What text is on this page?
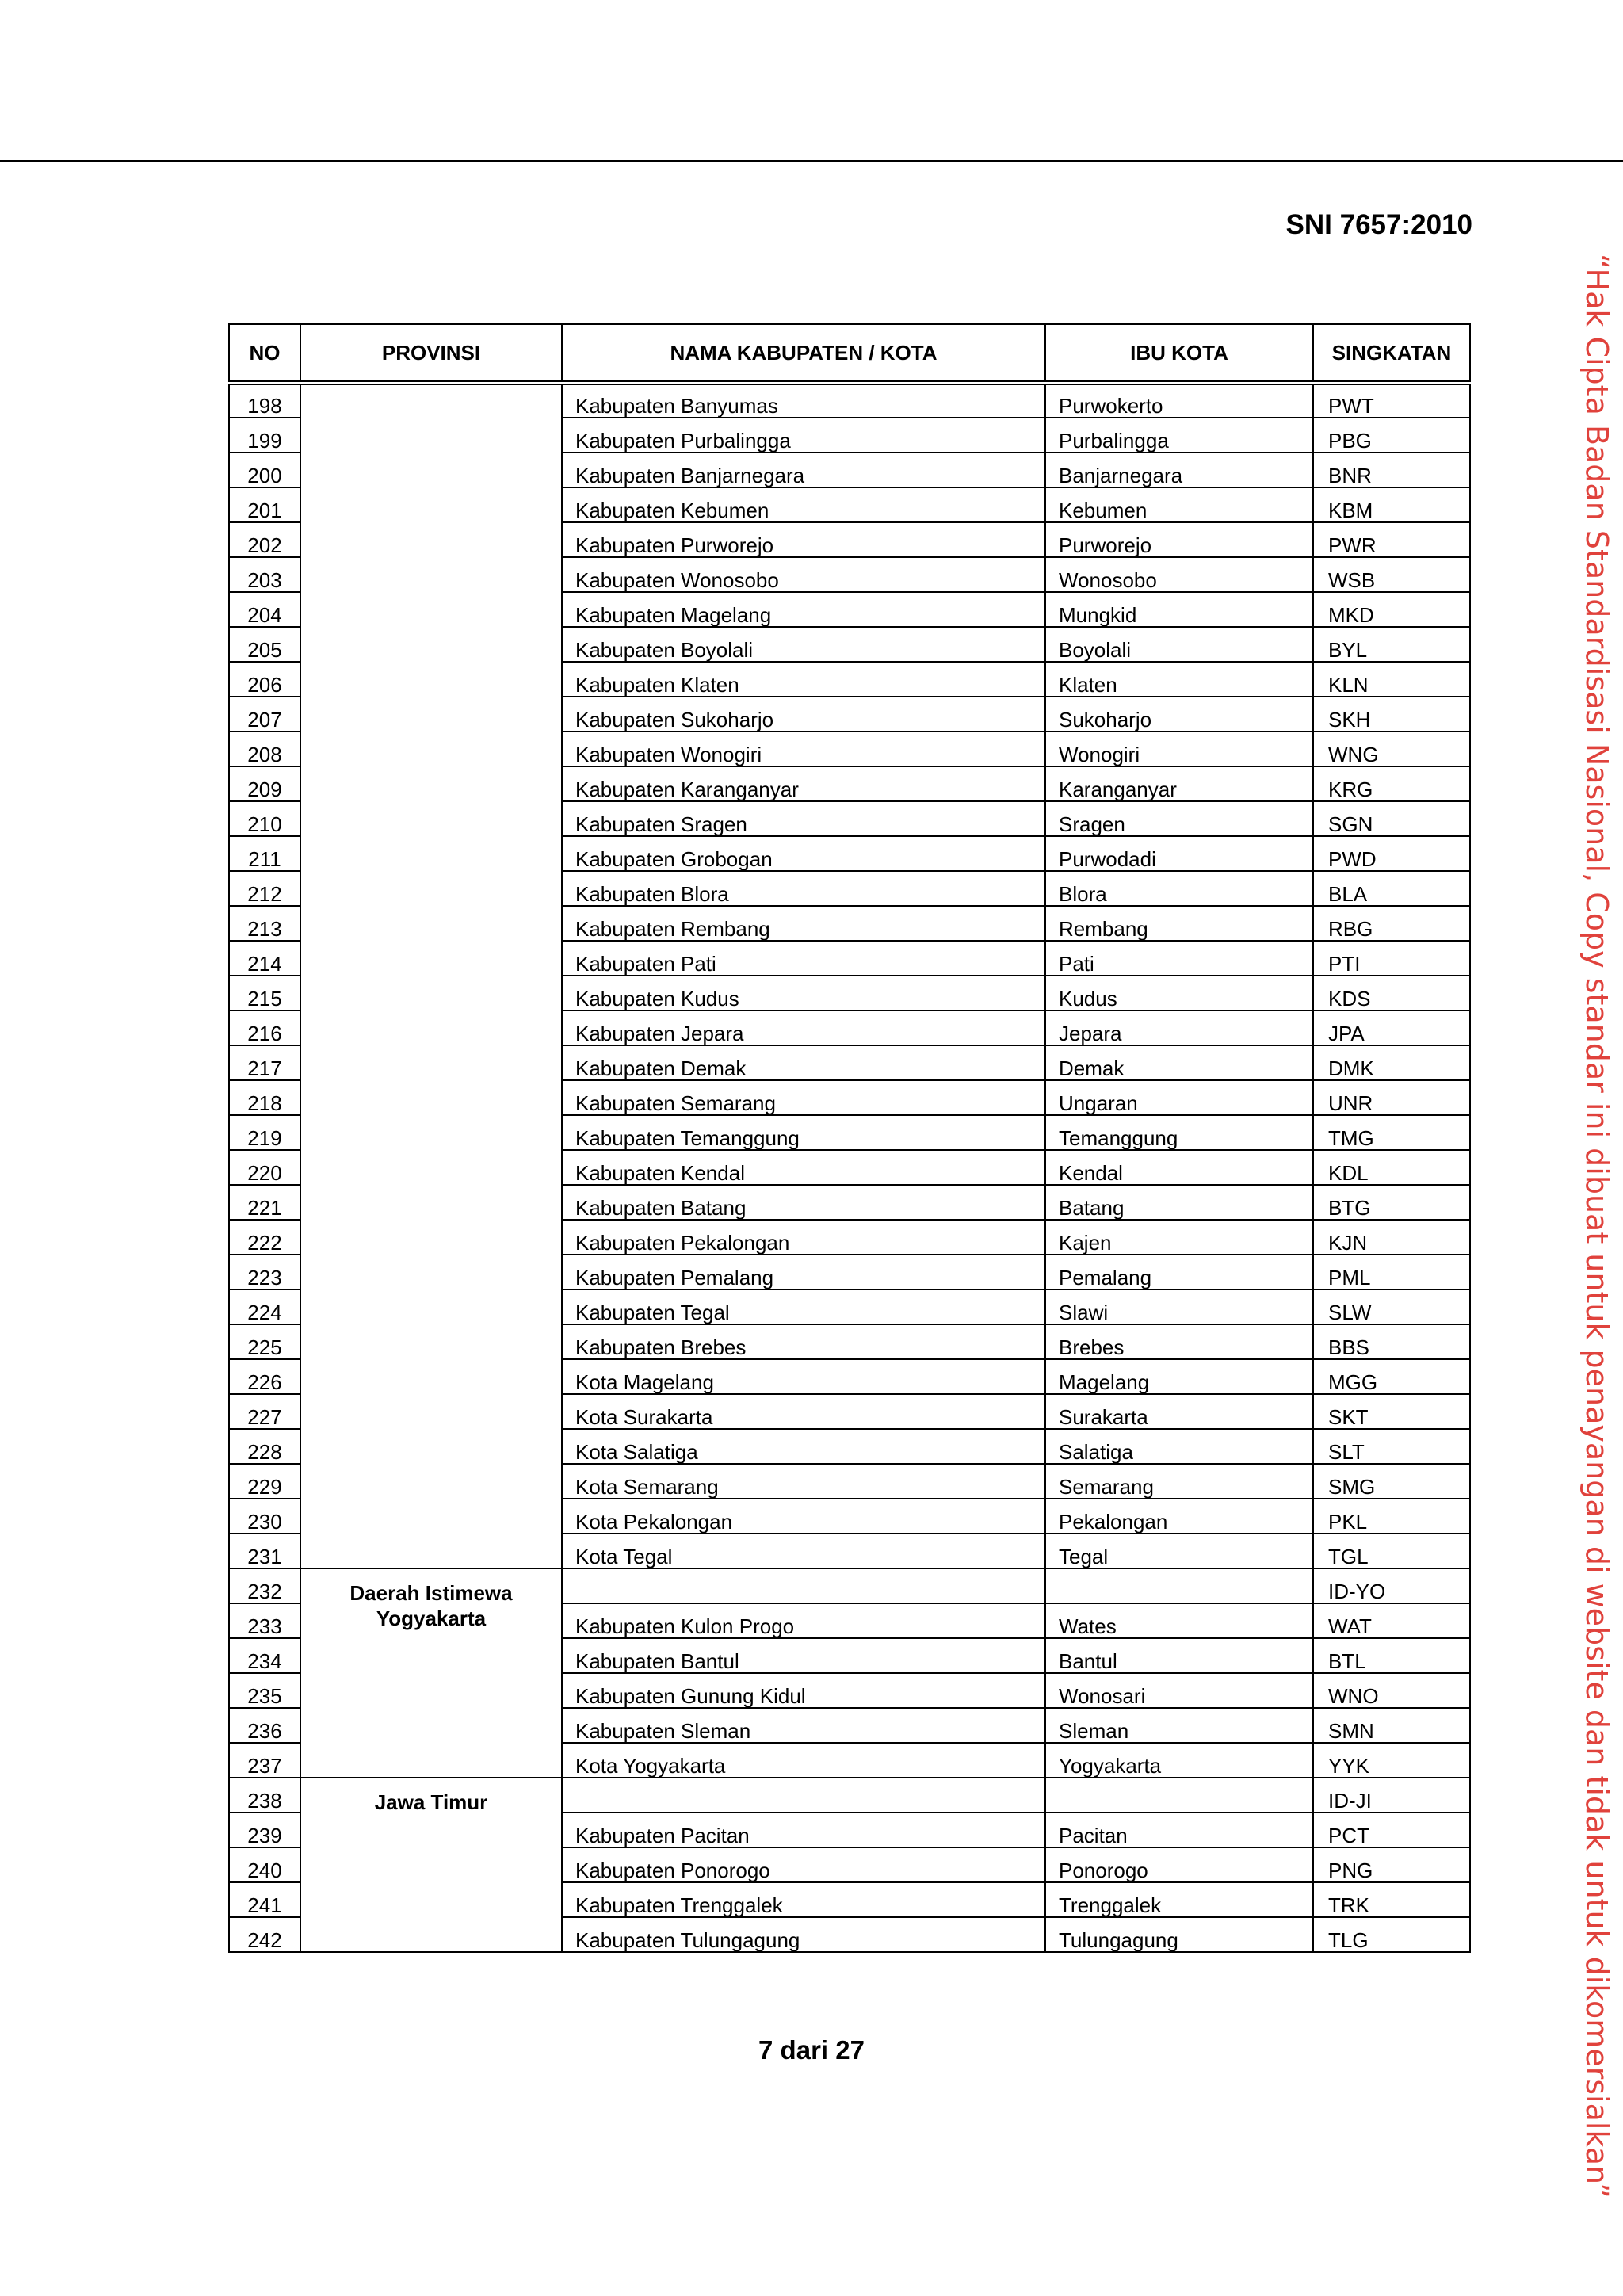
SNI 7657:2010
NO	PROVINSI	NAMA KABUPATEN / KOTA	IBU KOTA	SINGKATAN
198		Kabupaten Banyumas	Purwokerto	PWT
199		Kabupaten Purbalingga	Purbalingga	PBG
200		Kabupaten Banjarnegara	Banjarnegara	BNR
201		Kabupaten Kebumen	Kebumen	KBM
202		Kabupaten Purworejo	Purworejo	PWR
203		Kabupaten Wonosobo	Wonosobo	WSB
204		Kabupaten Magelang	Mungkid	MKD
205		Kabupaten Boyolali	Boyolali	BYL
206		Kabupaten Klaten	Klaten	KLN
207		Kabupaten Sukoharjo	Sukoharjo	SKH
208		Kabupaten Wonogiri	Wonogiri	WNG
209		Kabupaten Karanganyar	Karanganyar	KRG
210		Kabupaten Sragen	Sragen	SGN
211		Kabupaten Grobogan	Purwodadi	PWD
212		Kabupaten Blora	Blora	BLA
213		Kabupaten Rembang	Rembang	RBG
214		Kabupaten Pati	Pati	PTI
215		Kabupaten Kudus	Kudus	KDS
216		Kabupaten Jepara	Jepara	JPA
217		Kabupaten Demak	Demak	DMK
218		Kabupaten Semarang	Ungaran	UNR
219		Kabupaten Temanggung	Temanggung	TMG
220		Kabupaten Kendal	Kendal	KDL
221		Kabupaten Batang	Batang	BTG
222		Kabupaten Pekalongan	Kajen	KJN
223		Kabupaten Pemalang	Pemalang	PML
224		Kabupaten Tegal	Slawi	SLW
225		Kabupaten Brebes	Brebes	BBS
226		Kota Magelang	Magelang	MGG
227		Kota Surakarta	Surakarta	SKT
228		Kota Salatiga	Salatiga	SLT
229		Kota Semarang	Semarang	SMG
230		Kota Pekalongan	Pekalongan	PKL
231		Kota Tegal	Tegal	TGL
232	Daerah Istimewa Yogyakarta			ID-YO
233		Kabupaten Kulon Progo	Wates	WAT
234		Kabupaten Bantul	Bantul	BTL
235		Kabupaten Gunung Kidul	Wonosari	WNO
236		Kabupaten Sleman	Sleman	SMN
237		Kota Yogyakarta	Yogyakarta	YYK
238	Jawa Timur			ID-JI
239		Kabupaten Pacitan	Pacitan	PCT
240		Kabupaten Ponorogo	Ponorogo	PNG
241		Kabupaten Trenggalek	Trenggalek	TRK
242		Kabupaten Tulungagung	Tulungagung	TLG
7 dari 27	“Hak Cipta Badan Standardisasi Nasional, Copy standar ini dibuat untuk penayangan di website dan tidak untuk dikomersialkan”
